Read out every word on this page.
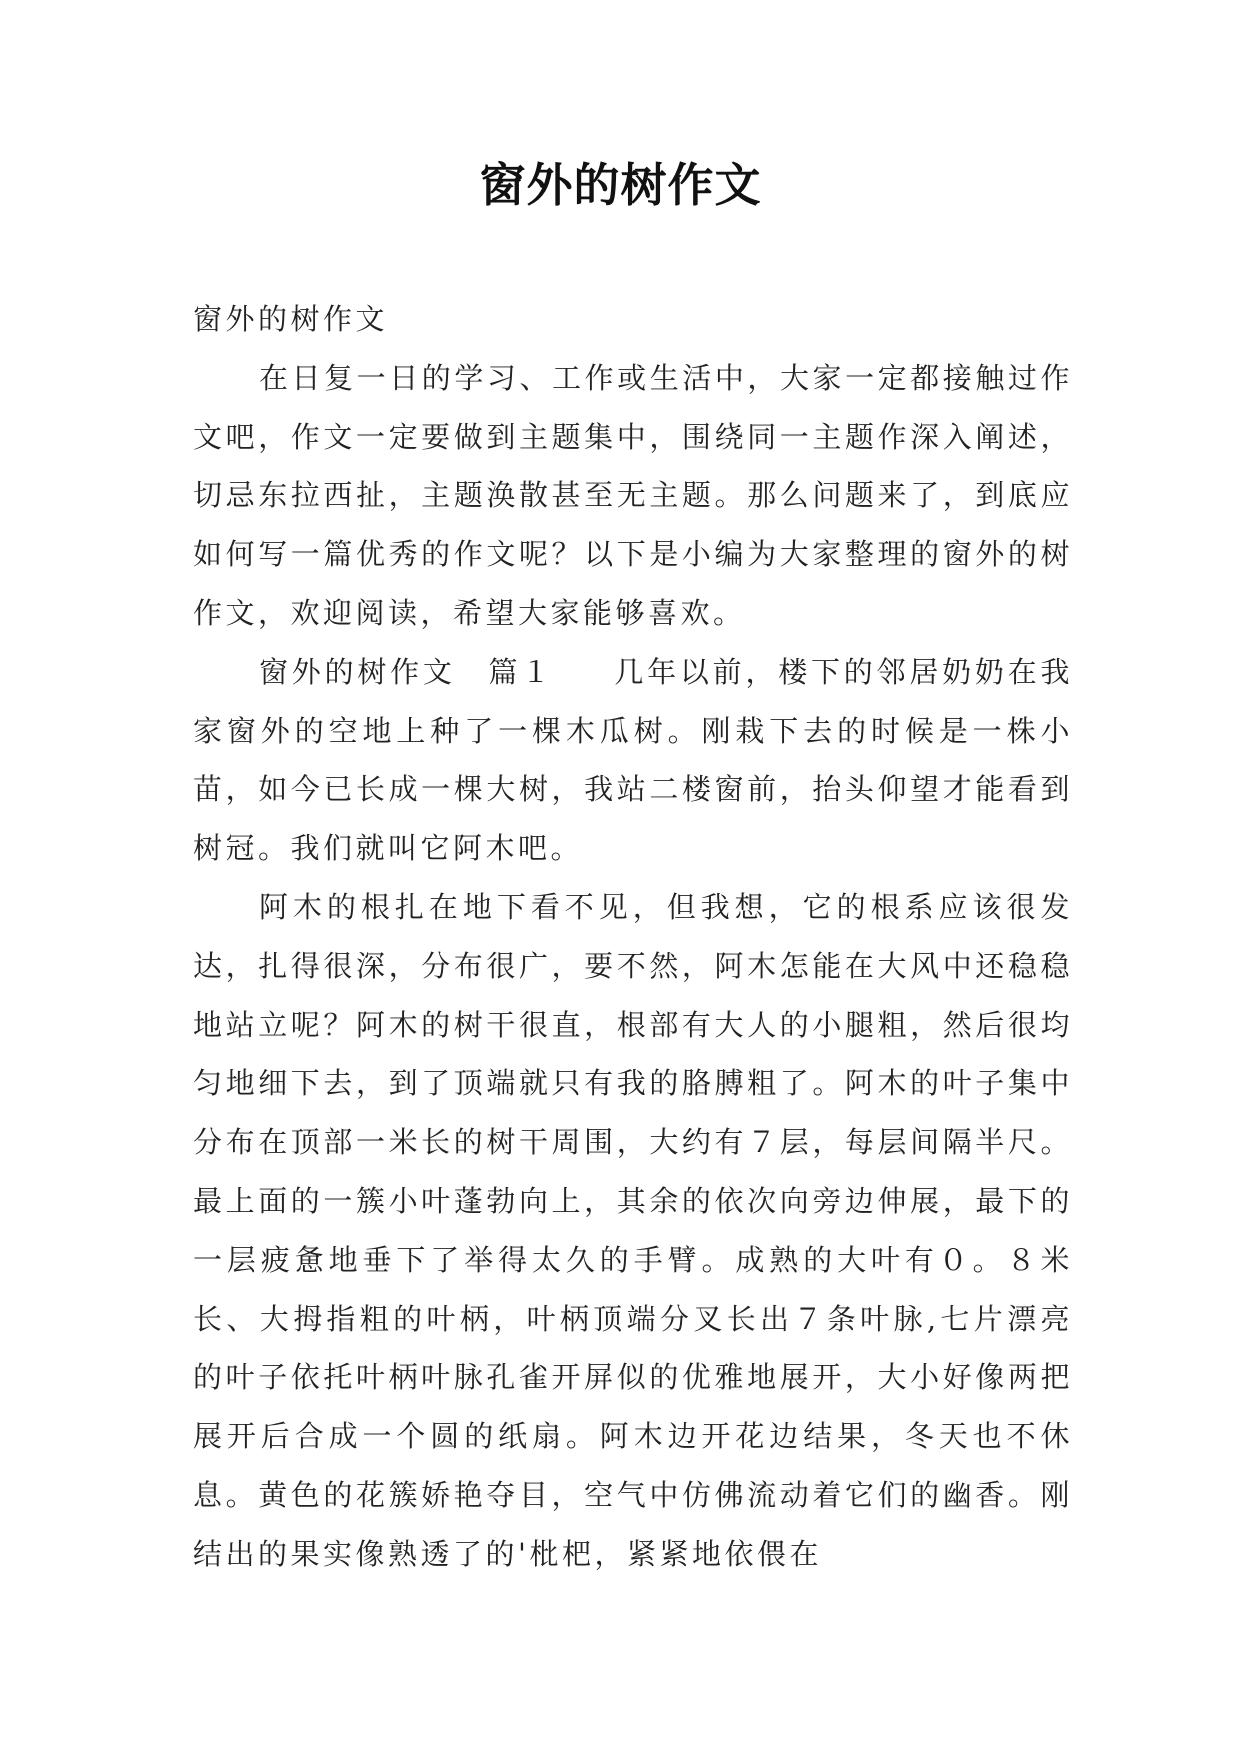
窗外的树作文

窗外的树作文

在日复一日的学习、工作或生活中，大家一定都接触过作文吧，作文一定要做到主题集中，围绕同一主题作深入阐述，切忌东拉西扯，主题涣散甚至无主题。那么问题来了，到底应如何写一篇优秀的作文呢？以下是小编为大家整理的窗外的树作文，欢迎阅读，希望大家能够喜欢。

窗外的树作文　篇１ 几年以前，楼下的邻居奶奶在我家窗外的空地上种了一棵木瓜树。刚栽下去的时候是一株小苗，如今已长成一棵大树，我站二楼窗前，抬头仰望才能看到树冠。我们就叫它阿木吧。

阿木的根扎在地下看不见，但我想，它的根系应该很发达，扎得很深，分布很广，要不然，阿木怎能在大风中还稳稳地站立呢？阿木的树干很直，根部有大人的小腿粗，然后很均匀地细下去，到了顶端就只有我的胳膊粗了。阿木的叶子集中分布在顶部一米长的树干周围，大约有７层，每层间隔半尺。最上面的一簇小叶蓬勃向上，其余的依次向旁边伸展，最下的一层疲惫地垂下了举得太久的手臂。成熟的大叶有０。８米长、大拇指粗的叶柄，叶柄顶端分叉长出７条叶脉,七片漂亮的叶子依托叶柄叶脉孔雀开屏似的优雅地展开，大小好像两把展开后合成一个圆的纸扇。阿木边开花边结果，冬天也不休息。黄色的花簇娇艳夺目，空气中仿佛流动着它们的幽香。刚结出的果实像熟透了的'枇杷，紧紧地依偎在
